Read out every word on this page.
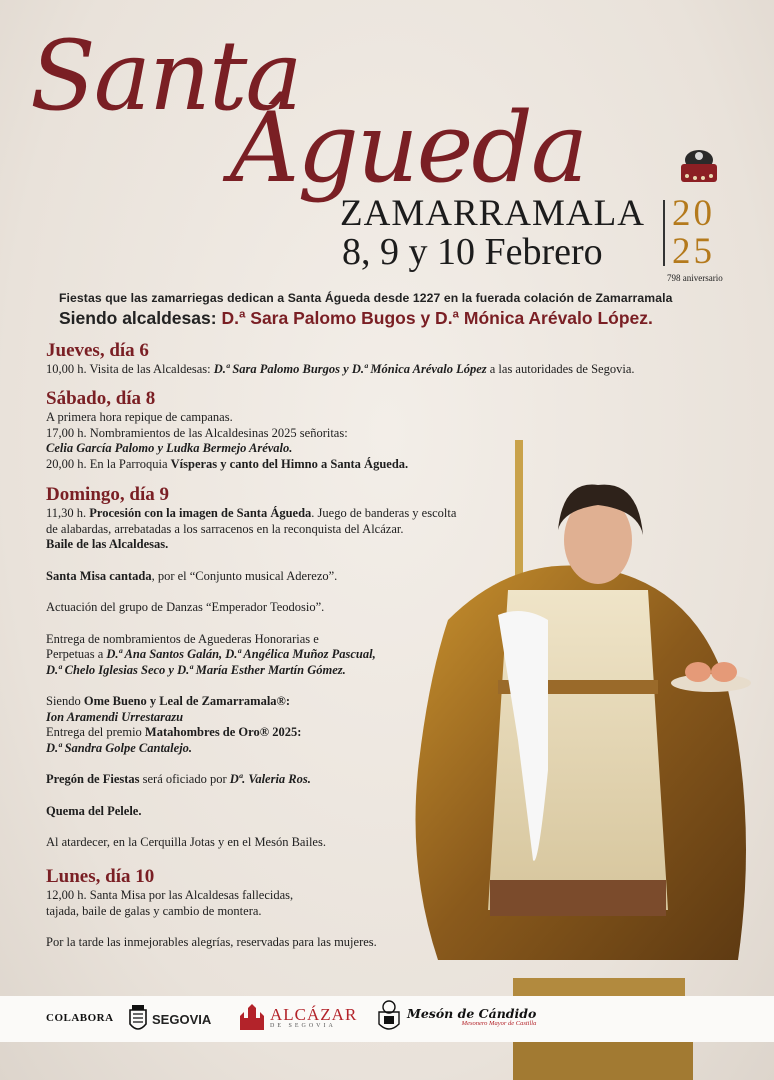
Santa
Águeda
ZAMARRAMALA
8, 9 y 10 Febrero
20
25
798 aniversario
Fiestas que las zamarriegas dedican a Santa Águeda desde 1227 en la fuerada colación de Zamarramala
Siendo alcaldesas: D.ª Sara Palomo Bugos y D.ª Mónica Arévalo López.
Jueves, día 6
10,00 h. Visita de las Alcaldesas: D.ª Sara Palomo Burgos y D.ª Mónica Arévalo López a las autoridades de Segovia.
Sábado, día 8
A primera hora repique de campanas.
17,00 h. Nombramientos de las Alcaldesinas 2025 señoritas:
Celia García Palomo y Ludka Bermejo Arévalo.
20,00 h. En la Parroquia Vísperas y canto del Himno a Santa Águeda.
Domingo, día 9
11,30 h. Procesión con la imagen de Santa Águeda. Juego de banderas y escolta
de alabardas, arrebatadas a los sarracenos en la reconquista del Alcázar.
Baile de las Alcaldesas.
Santa Misa cantada, por el “Conjunto musical Aderezo”.
Actuación del grupo de Danzas “Emperador Teodosio”.
Entrega de nombramientos de Aguederas Honorarias e
Perpetuas a D.ª Ana Santos Galán, D.ª Angélica Muñoz Pascual,
D.ª Chelo Iglesias Seco y D.ª María Esther Martín Gómez.
Siendo Ome Bueno y Leal de Zamarramala®:
Ion Aramendi Urrestarazu
Entrega del premio Matahombres de Oro® 2025:
D.ª Sandra Golpe Cantalejo.
Pregón de Fiestas será oficiado por Dª. Valeria Ros.
Quema del Pelele.
Al atardecer, en la Cerquilla Jotas y en el Mesón Bailes.
Lunes, día 10
12,00 h. Santa Misa por las Alcaldesas fallecidas,
tajada, baile de galas y cambio de montera.
Por la tarde las inmejorables alegrías, reservadas para las mujeres.
COLABORA	SEGOVIA	ALCÁZAR
DE SEGOVIA
Mesón de Cándido
Mesonero Mayor de Castilla
